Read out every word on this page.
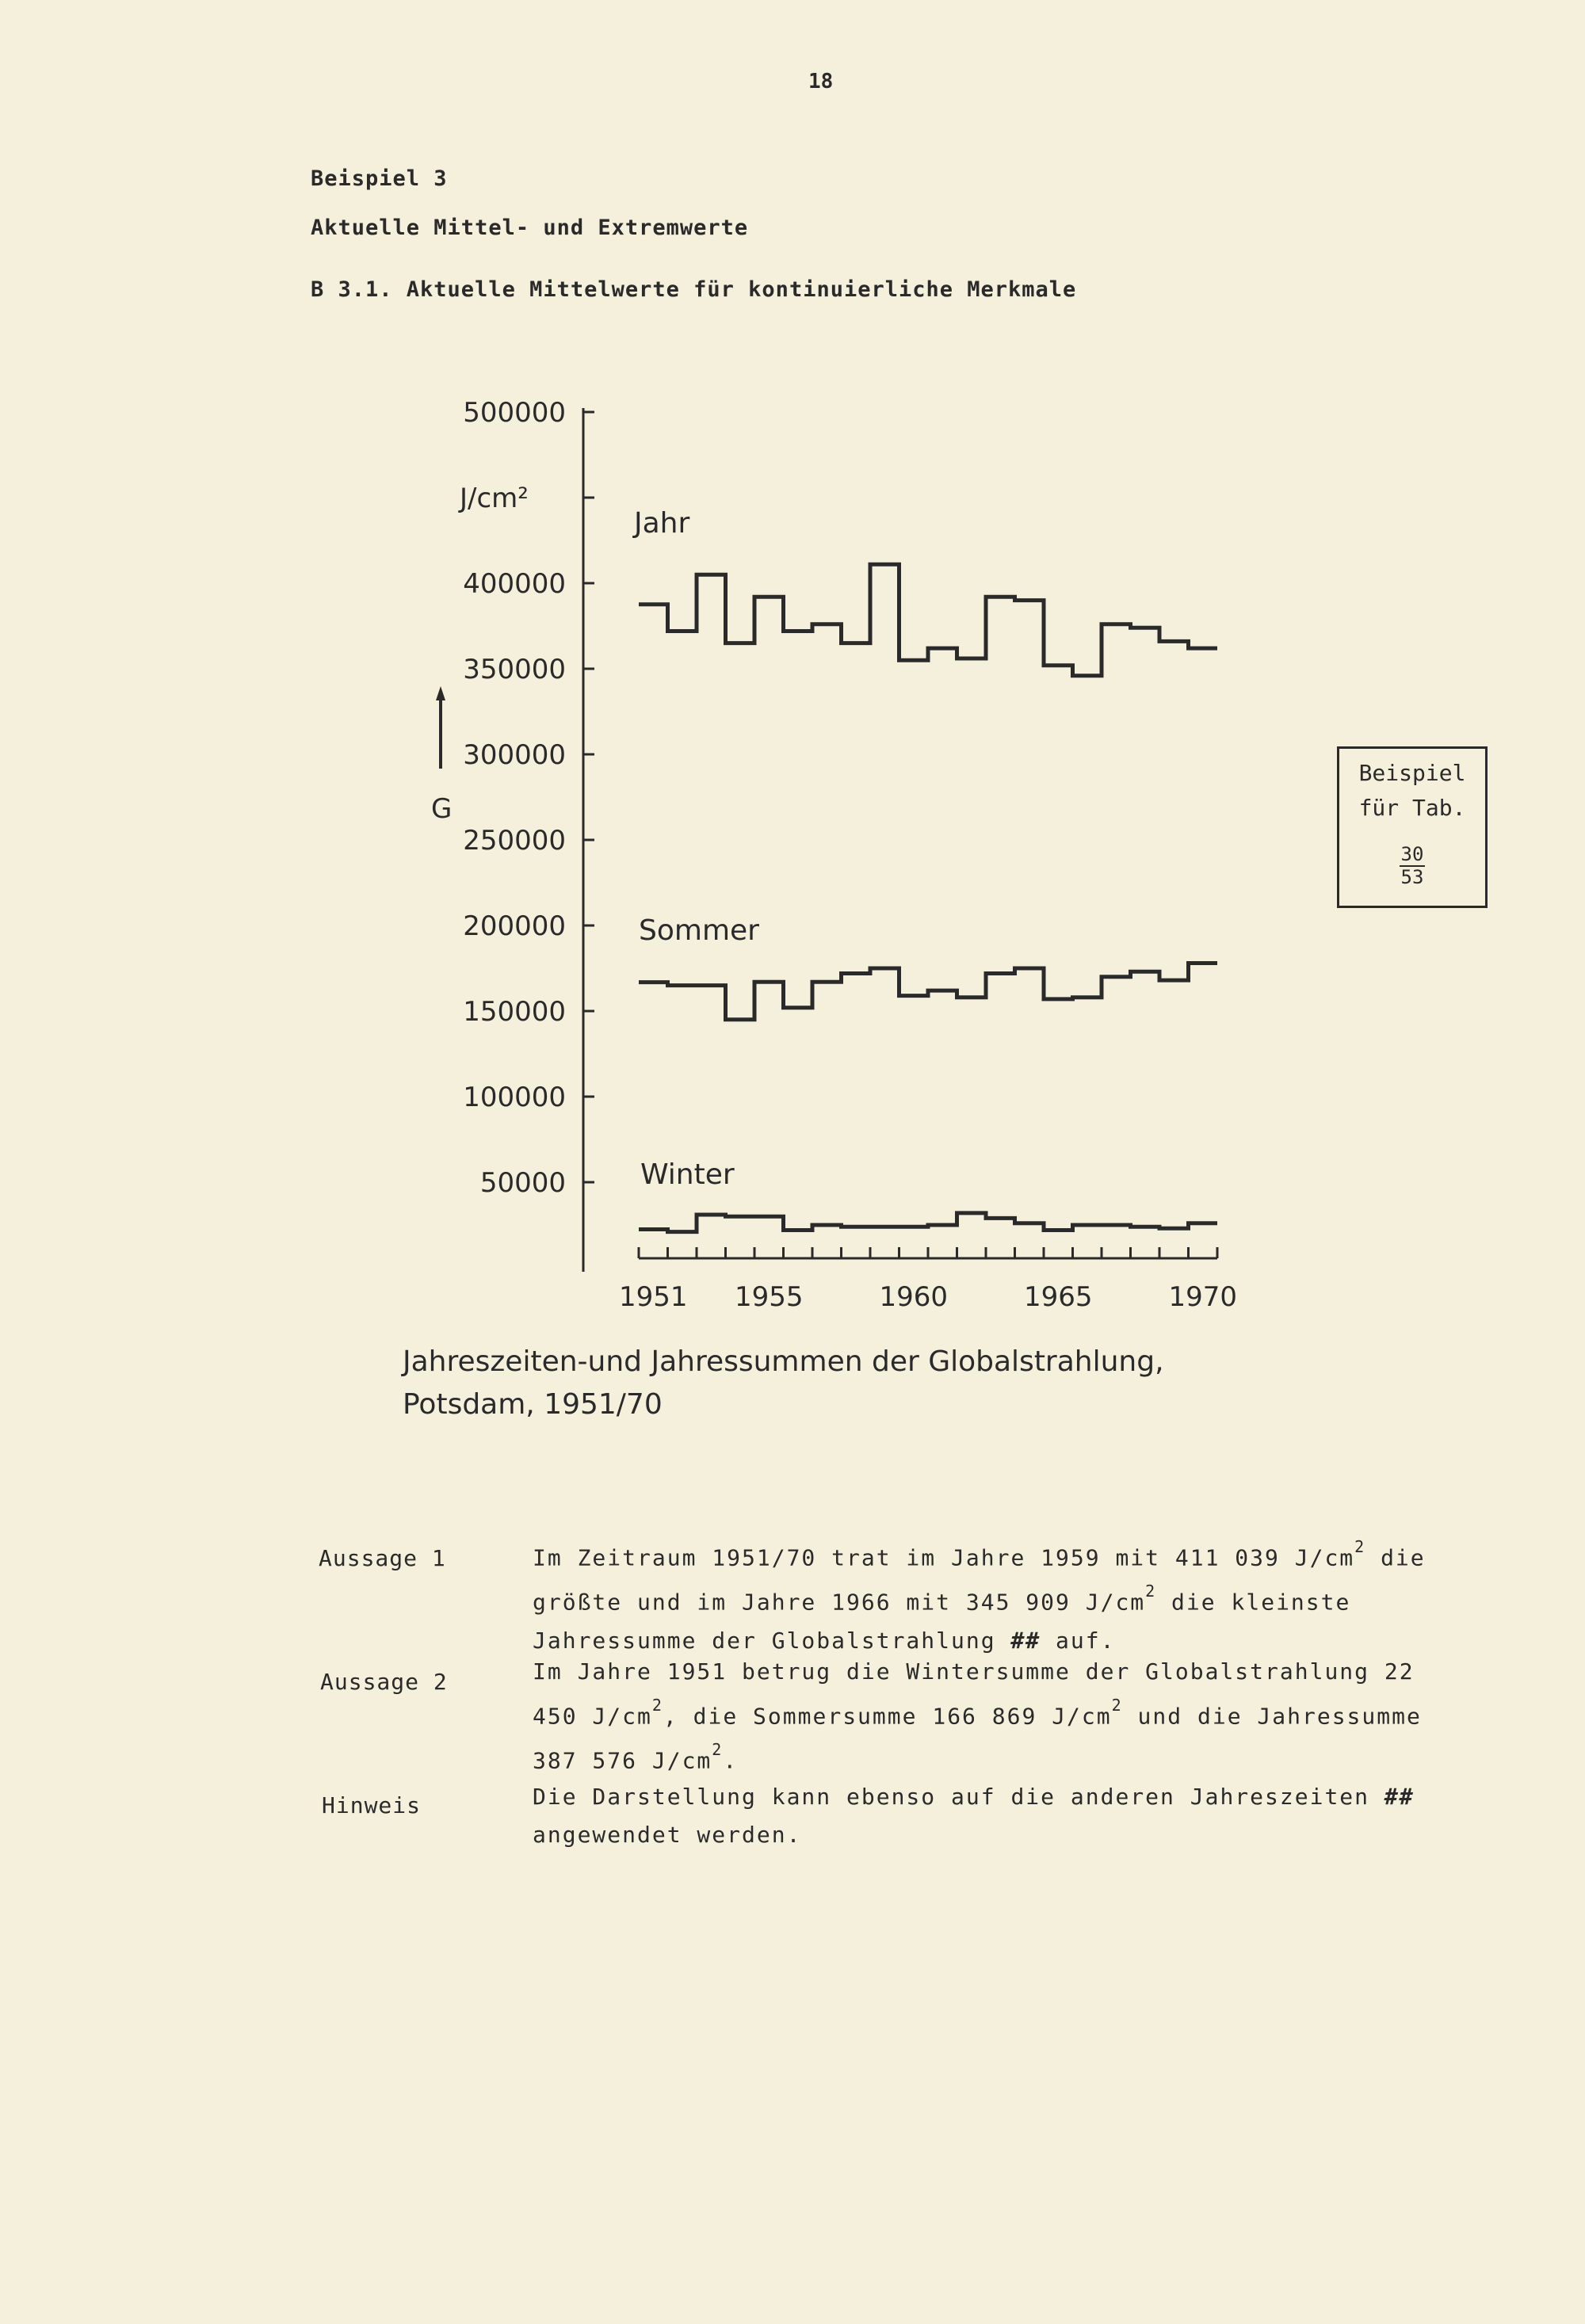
18
Beispiel 3
Aktuelle Mittel- und Extremwerte
B 3.1. Aktuelle Mittelwerte für kontinuierliche Merkmale
50000
100000
150000
200000
250000
300000
350000
400000
500000
J/cm²
G
1951 1955	1960	1965	1970
Jahr
Sommer
Winter
Jahreszeiten-und Jahressummen der Globalstrahlung,
Potsdam, 1951/70
Beispiel
für Tab.
$\frac{30}{53}$
Aussage 1	Im Zeitraum 1951/70 trat im Jahre 1959 mit 411 039 $J/cm^2$ die größte und im Jahre 1966 mit 345 909 $J/cm^2$ die kleinste Jahressumme der Globalstrahlung ## auf.
Aussage 2	Im Jahre 1951 betrug die Wintersumme der Globalstrahlung 22 450 $J/cm^2$, die Sommersumme 166 869 $J/cm^2$ und die Jahressumme 387 576 $J/cm^2$.
Hinweis	Die Darstellung kann ebenso auf die anderen Jahreszeiten ## angewendet werden.
